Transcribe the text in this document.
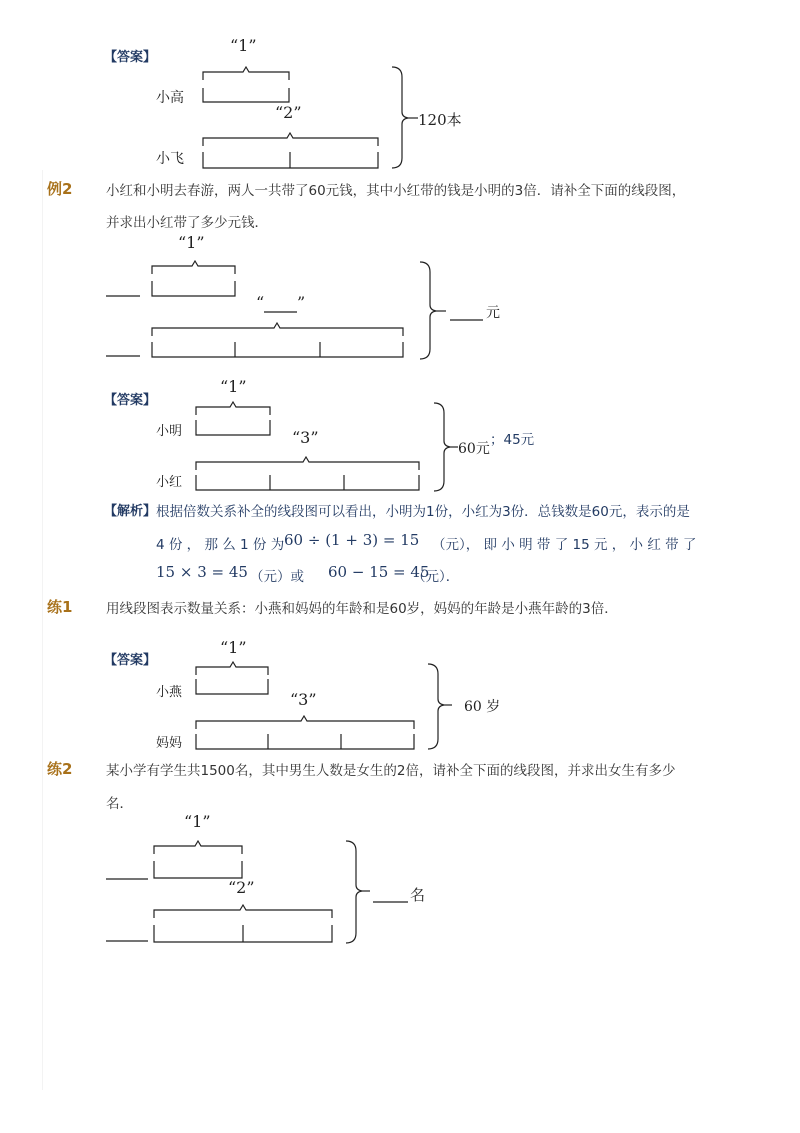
【答案】
“1”
“2”
小高
小飞
120本
例2 小红和小明去春游，两人一共带了60元钱，其中小红带的钱是小明的3倍．请补全下面的线段图，
并求出小红带了多少元钱．
“1”
“ ”
元
【答案】
“1”
“3”
小明
小红
60元
；45元
【解析】 根据倍数关系补全的线段图可以看出，小明为1份，小红为3份．总钱数是60元，表示的是
4 份 ， 那 么 1 份 为 60 ÷ (1 + 3) = 15 （元）， 即 小 明 带 了 15 元 ， 小 红 带 了
15 × 3 = 45 （元）或 60 − 15 = 45
（元）．
练1 用线段图表示数量关系：小燕和妈妈的年龄和是60岁，妈妈的年龄是小燕年龄的3倍．
【答案】
“1”
“3”
小燕
妈妈
60 岁
练2 某小学有学生共1500名，其中男生人数是女生的2倍，请补全下面的线段图，并求出女生有多少
名．
“1”
“2”	名
